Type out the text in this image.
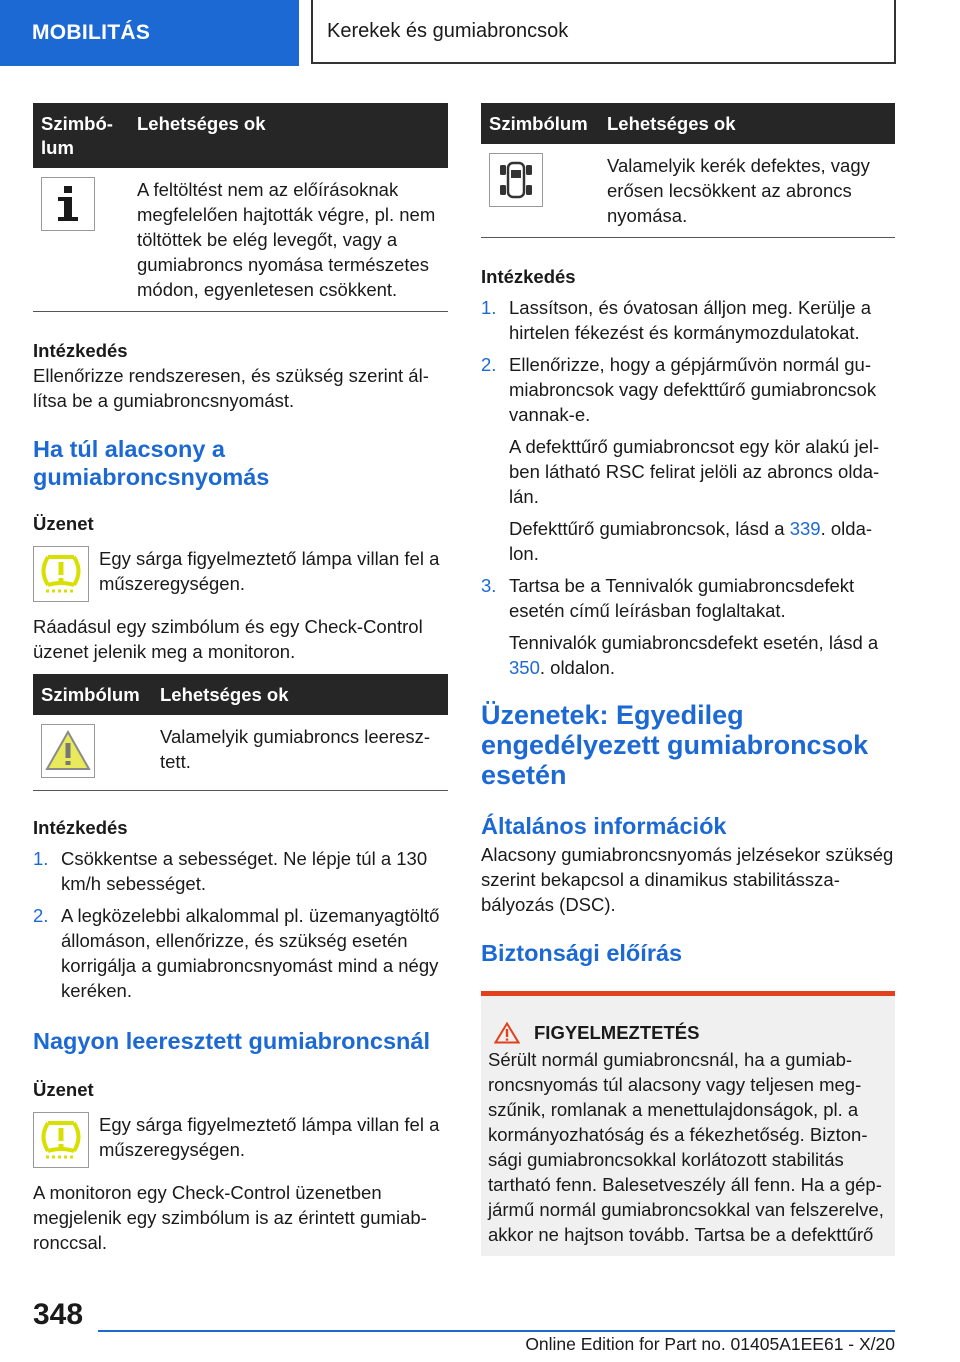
MOBILITÁS	Kerekek és gumiabroncsok
Szimbólum	Lehetséges ok

	A feltöltést nem az előírásoknak megfelelően hajtották végre, pl. nem töltöttek be elég levegőt, vagy a gumiabroncs nyomása természetes módon, egyenletesen csökkent.
Intézkedés

Ellenőrizze rendszeresen, és szükség szerint állítsa be a gumiabroncsnyomást.

Ha túl alacsony a gumiabroncsnyomás
Üzenet
Egy sárga figyelmeztető lámpa villan fel a műszeregységen.

Ráadásul egy szimbólum és egy Check-Control üzenet jelenik meg a monitoron.

Szimbólum	Lehetséges ok

	Valamelyik gumiabroncs leeresztett.
Intézkedés
1. Csökkentse a sebességet. Ne lépje túl a 130 km/h sebességet.
2. A legközelebbi alkalommal pl. üzemanyagtöltő állomáson, ellenőrizze, és szükség esetén korrigálja a gumiabroncsnyomást mind a négy keréken.
Nagyon leeresztett gumiabroncsnál
Üzenet
Egy sárga figyelmeztető lámpa villan fel a műszeregységen.

A monitoron egy Check-Control üzenetben megjelenik egy szimbólum is az érintett gumiabronccsal.

Szimbólum	Lehetséges ok

	Valamelyik kerék defektes, vagy erősen lecsökkent az abroncs nyomása.
Intézkedés
1. Lassítson, és óvatosan álljon meg. Kerülje a hirtelen fékezést és kormánymozdulatokat.
2. Ellenőrizze, hogy a gépjárművön normál gumiabroncsok vagy defekttűrő gumiabroncsok vannak-e.
A defekttűrő gumiabroncsot egy kör alakú jelben látható RSC felirat jelöli az abroncs oldalán.
Defekttűrő gumiabroncsok, lásd a 339. oldalon.
3. Tartsa be a Tennivalók gumiabroncsdefekt esetén című leírásban foglaltakat.
Tennivalók gumiabroncsdefekt esetén, lásd a 350. oldalon.
Üzenetek: Egyedileg engedélyezett gumiabroncsok esetén
Általános információk

Alacsony gumiabroncsnyomás jelzésekor szükség szerint bekapcsol a dinamikus stabilitásszabályozás (DSC).

Biztonsági előírás
FIGYELMEZTETÉS
Sérült normál gumiabroncsnál, ha a gumiabroncsnyomás túl alacsony vagy teljesen megszűnik, romlanak a menettulajdonságok, pl. a kormányozhatóság és a fékezhetőség. Biztonsági gumiabroncsokkal korlátozott stabilitás tartható fenn. Balesetveszély áll fenn. Ha a gépjármű normál gumiabroncsokkal van felszerelve, akkor ne hajtson tovább. Tartsa be a defekttűrő
348
Online Edition for Part no. 01405A1EE61 - X/20
